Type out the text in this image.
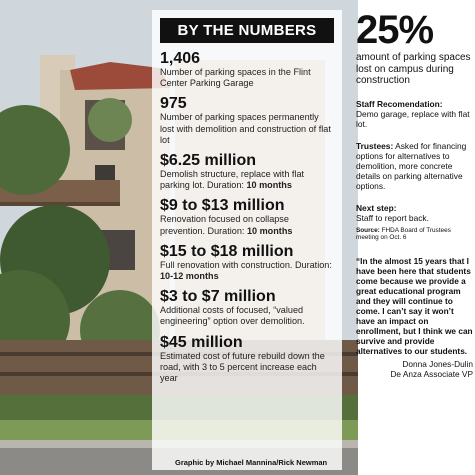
BY THE NUMBERS
1,406
Number of parking spaces in the Flint Center Parking Garage
975
Number of parking spaces permanently lost with demolition and construction of flat lot
$6.25 million
Demolish structure, replace with flat parking lot. Duration: 10 months
$9 to $13 million
Renovation focused on collapse prevention. Duration: 10 months
$15 to $18 million
Full renovation with construction. Duration: 10-12 months
$3 to $7 million
Additional costs of focused, “valued engineering” option over demolition.
$45 million
Estimated cost of future rebuild down the road, with 3 to 5 percent increase each year
Graphic by Michael Mannina/Rick Newman
25%
amount of parking spaces lost on campus during construction
Staff Recomendation:
Demo garage, replace with flat lot.
Trustees: Asked for financing options for alternatives to demolition, more concrete details on parking alternative options.
Next step:
Staff to report back.
Source: FHDA Board of Trustees meeting on Oct. 6
“In the almost 15 years that I have been here that students come because we provide a great educational program and they will continue to come. I can’t say it won’t have an impact on enrollment, but I think we can survive and provide alternatives to our students.
Donna Jones-Dulin
De Anza Associate VP
